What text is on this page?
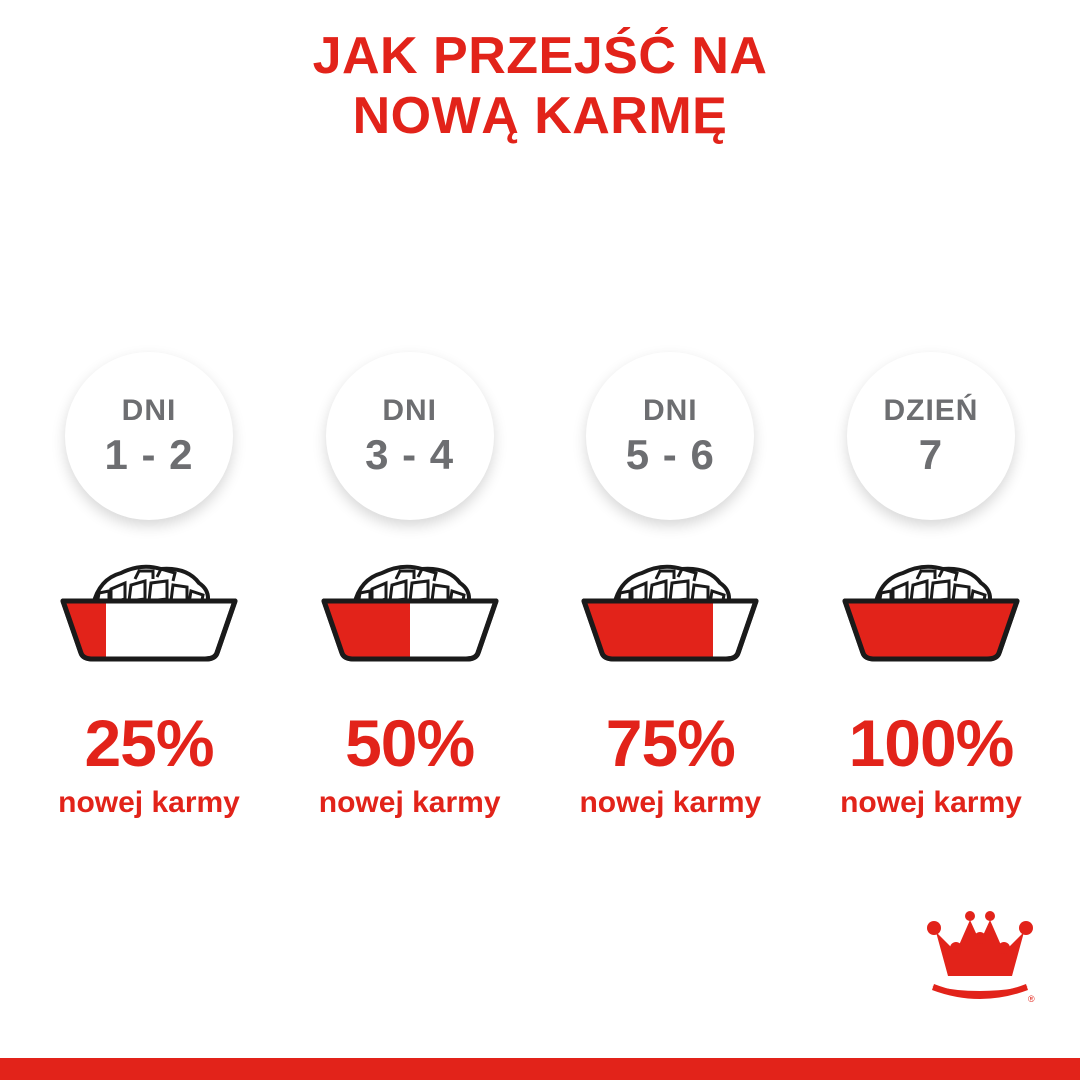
JAK PRZEJŚĆ NA
NOWĄ KARMĘ
DNI
1 - 2
25%
nowej karmy
DNI
3 - 4
50%
nowej karmy
DNI
5 - 6
75%
nowej karmy
DZIEŃ
7
100%
nowej karmy
®
